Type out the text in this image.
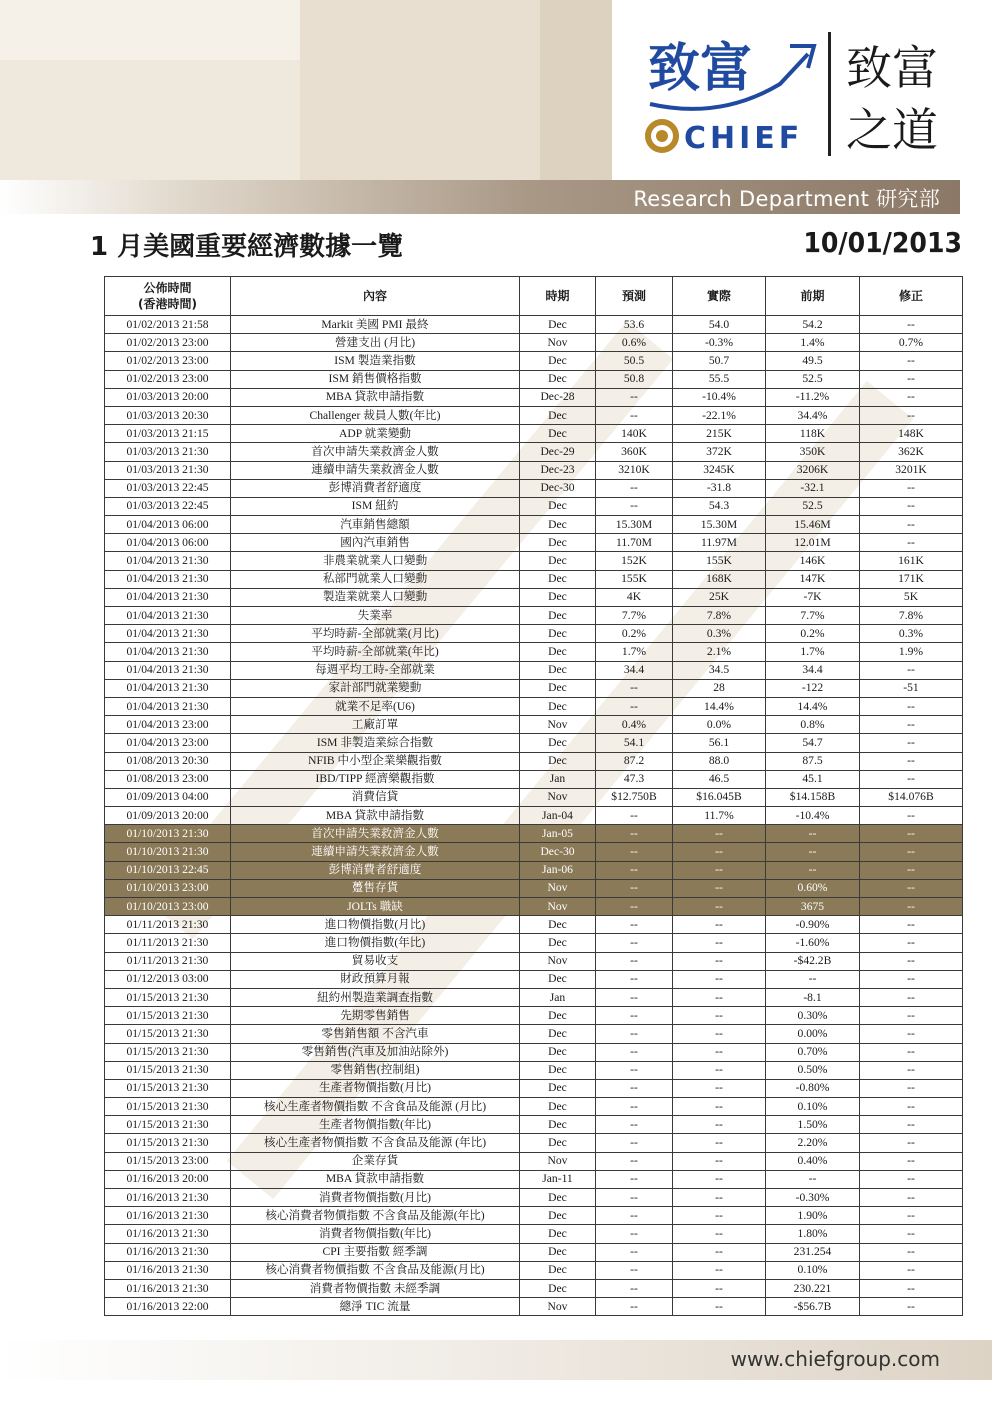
Research Department 研究部
致富
CHIEF
致富
之道
1 月美國重要經濟數據一覽	10/01/2013
公佈時間
(香港時間)	內容	時期	預測	實際	前期	修正
01/02/2013 21:58	Markit 美國 PMI 最終	Dec	53.6	54.0	54.2	--
01/02/2013 23:00	營建支出 (月比)	Nov	0.6%	-0.3%	1.4%	0.7%
01/02/2013 23:00	ISM 製造業指數	Dec	50.5	50.7	49.5	--
01/02/2013 23:00	ISM 銷售價格指數	Dec	50.8	55.5	52.5	--
01/03/2013 20:00	MBA 貸款申請指數	Dec-28	--	-10.4%	-11.2%	--
01/03/2013 20:30	Challenger 裁員人數(年比)	Dec	--	-22.1%	34.4%	--
01/03/2013 21:15	ADP 就業變動	Dec	140K	215K	118K	148K
01/03/2013 21:30	首次申請失業救濟金人數	Dec-29	360K	372K	350K	362K
01/03/2013 21:30	連續申請失業救濟金人數	Dec-23	3210K	3245K	3206K	3201K
01/03/2013 22:45	彭博消費者舒適度	Dec-30	--	-31.8	-32.1	--
01/03/2013 22:45	ISM 紐約	Dec	--	54.3	52.5	--
01/04/2013 06:00	汽車銷售總額	Dec	15.30M	15.30M	15.46M	--
01/04/2013 06:00	國內汽車銷售	Dec	11.70M	11.97M	12.01M	--
01/04/2013 21:30	非農業就業人口變動	Dec	152K	155K	146K	161K
01/04/2013 21:30	私部門就業人口變動	Dec	155K	168K	147K	171K
01/04/2013 21:30	製造業就業人口變動	Dec	4K	25K	-7K	5K
01/04/2013 21:30	失業率	Dec	7.7%	7.8%	7.7%	7.8%
01/04/2013 21:30	平均時薪-全部就業(月比)	Dec	0.2%	0.3%	0.2%	0.3%
01/04/2013 21:30	平均時薪-全部就業(年比)	Dec	1.7%	2.1%	1.7%	1.9%
01/04/2013 21:30	每週平均工時-全部就業	Dec	34.4	34.5	34.4	--
01/04/2013 21:30	家計部門就業變動	Dec	--	28	-122	-51
01/04/2013 21:30	就業不足率(U6)	Dec	--	14.4%	14.4%	--
01/04/2013 23:00	工廠訂單	Nov	0.4%	0.0%	0.8%	--
01/04/2013 23:00	ISM 非製造業綜合指數	Dec	54.1	56.1	54.7	--
01/08/2013 20:30	NFIB 中小型企業樂觀指數	Dec	87.2	88.0	87.5	--
01/08/2013 23:00	IBD/TIPP 經濟樂觀指數	Jan	47.3	46.5	45.1	--
01/09/2013 04:00	消費信貸	Nov	$12.750B	$16.045B	$14.158B	$14.076B
01/09/2013 20:00	MBA 貸款申請指數	Jan-04	--	11.7%	-10.4%	--
01/10/2013 21:30	首次申請失業救濟金人數	Jan-05	--	--	--	--
01/10/2013 21:30	連續申請失業救濟金人數	Dec-30	--	--	--	--
01/10/2013 22:45	彭博消費者舒適度	Jan-06	--	--	--	--
01/10/2013 23:00	躉售存貨	Nov	--	--	0.60%	--
01/10/2013 23:00	JOLTs 職缺	Nov	--	--	3675	--
01/11/2013 21:30	進口物價指數(月比)	Dec	--	--	-0.90%	--
01/11/2013 21:30	進口物價指數(年比)	Dec	--	--	-1.60%	--
01/11/2013 21:30	貿易收支	Nov	--	--	-$42.2B	--
01/12/2013 03:00	財政預算月報	Dec	--	--	--	--
01/15/2013 21:30	紐約州製造業調查指數	Jan	--	--	-8.1	--
01/15/2013 21:30	先期零售銷售	Dec	--	--	0.30%	--
01/15/2013 21:30	零售銷售額 不含汽車	Dec	--	--	0.00%	--
01/15/2013 21:30	零售銷售(汽車及加油站除外)	Dec	--	--	0.70%	--
01/15/2013 21:30	零售銷售(控制組)	Dec	--	--	0.50%	--
01/15/2013 21:30	生產者物價指數(月比)	Dec	--	--	-0.80%	--
01/15/2013 21:30	核心生產者物價指數 不含食品及能源 (月比)	Dec	--	--	0.10%	--
01/15/2013 21:30	生產者物價指數(年比)	Dec	--	--	1.50%	--
01/15/2013 21:30	核心生產者物價指數 不含食品及能源 (年比)	Dec	--	--	2.20%	--
01/15/2013 23:00	企業存貨	Nov	--	--	0.40%	--
01/16/2013 20:00	MBA 貸款申請指數	Jan-11	--	--	--	--
01/16/2013 21:30	消費者物價指數(月比)	Dec	--	--	-0.30%	--
01/16/2013 21:30	核心消費者物價指數 不含食品及能源(年比)	Dec	--	--	1.90%	--
01/16/2013 21:30	消費者物價指數(年比)	Dec	--	--	1.80%	--
01/16/2013 21:30	CPI 主要指數 經季調	Dec	--	--	231.254	--
01/16/2013 21:30	核心消費者物價指數 不含食品及能源(月比)	Dec	--	--	0.10%	--
01/16/2013 21:30	消費者物價指數 未經季調	Dec	--	--	230.221	--
01/16/2013 22:00	總淨 TIC 流量	Nov	--	--	-$56.7B	--
www.chiefgroup.com
